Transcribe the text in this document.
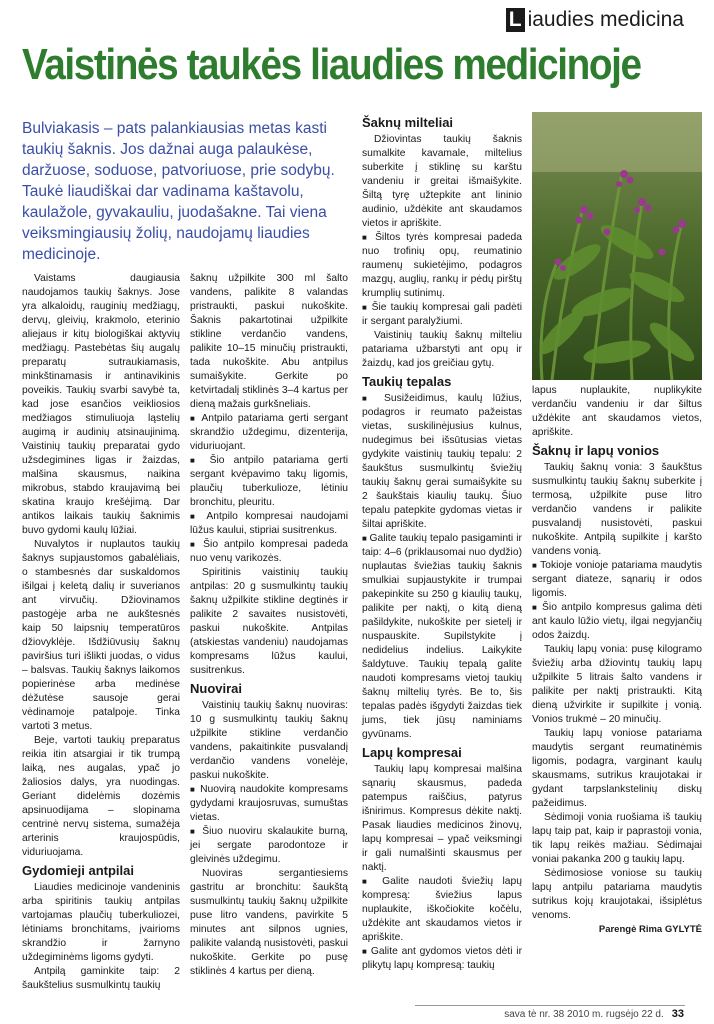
L iaudies medicina
Vaistinės taukės liaudies medicinoje

Bulviakasis – pats palankiausias metas kasti taukių šaknis. Jos dažnai auga palaukėse, daržuose, soduose, patvoriuose, prie sodybų. Taukė liaudiškai dar vadinama kaštavolu, kaulažole, gyvakauliu, juodašakne. Tai viena veiksmingiausių žolių, naudojamų liaudies medicinoje.

Vaistams daugiausia naudojamos taukių šaknys. Jose yra alkaloidų, rauginių medžiagų, dervų, gleivių, krakmolo, eterinio aliejaus ir kitų biologiškai aktyvių medžiagų. Pastebėtas šių augalų preparatų sutraukiamasis, minkštinamasis ir antinavikinis poveikis. Taukių svarbi savybė ta, kad jose esančios veikliosios medžiagos stimuliuoja ląstelių augimą ir audinių atsinaujinimą. Vaistinių taukių preparatai gydo užsdegimines ligas ir žaizdas, malšina skausmus, naikina mikrobus, stabdo kraujavimą bei skatina kraujo krešėjimą. Dar antikos laikais taukių šaknimis buvo gydomi kaulų lūžiai.

Nuvalytos ir nuplautos taukių šaknys supjaustomos gabalėliais, o stambesnės dar suskaldomos išilgai į keletą dalių ir suverianos ant virvučių. Džiovinamos pastogėje arba ne aukštesnės kaip 50 laipsnių temperatūros džiovyklėje. Išdžiūvusių šaknų paviršius turi išlikti juodas, o vidus – balsvas. Taukių šaknys laikomos popierinėse arba medinėse dėžutėse sausoje gerai vėdinamoje patalpoje. Tinka vartoti 3 metus.

Beje, vartoti taukių preparatus reikia itin atsargiai ir tik trumpą laiką, nes augalas, ypač jo žaliosios dalys, yra nuodingas. Geriant didelėmis dozėmis apsinuodijama – slopinama centrinė nervų sistema, sumažėja arterinis kraujospūdis, viduriuojama.

Gydomieji antpilai

Liaudies medicinoje vandeninis arba spiritinis taukių antpilas vartojamas plaučių tuberkuliozei, lėtiniams bronchitams, įvairioms skrandžio ir žarnyno uždegiminėms ligoms gydyti.

Antpilą gaminkite taip: 2 šaukštelius susmulkintų taukių

šaknų užpilkite 300 ml šalto vandens, palikite 8 valandas pristraukti, paskui nukoškite. Šaknis pakartotinai užpilkite stikline verdančio vandens, palikite 10–15 minučių pristraukti, tada nukoškite. Abu antpilus sumaišykite. Gerkite po ketvirtadalį stiklinės 3–4 kartus per dieną mažais gurkšneliais.

■ Antpilo patariama gerti sergant skrandžio uždegimu, dizenterija, viduriuojant.

■ Šio antpilo patariama gerti sergant kvėpavimo takų ligomis, plaučių tuberkulioze, lėtiniu bronchitu, pleuritu.

■ Antpilo kompresai naudojami lūžus kaului, stipriai susitrenkus.

■ Šio antpilo kompresai padeda nuo venų varikozės.

Spiritinis vaistinių taukių antpilas: 20 g susmulkintų taukių šaknų užpilkite stikline degtinės ir palikite 2 savaites nusistovėti, paskui nukoškite. Antpilas (atskiestas vandeniu) naudojamas kompresams lūžus kaului, susitrenkus.

Nuovirai

Vaistinių taukių šaknų nuoviras: 10 g susmulkintų taukių šaknų užpilkite stikline verdančio vandens, pakaitinkite pusvalandį verdančio vandens vonelėje, paskui nukoškite.

■ Nuovirą naudokite kompresams gydydami kraujosruvas, sumuštas vietas.

■ Šiuo nuoviru skalaukite burną, jei sergate parodontoze ir gleivinės uždegimu.

Nuoviras sergantiesiems gastritu ar bronchitu: šaukštą susmulkintų taukių šaknų užpilkite puse litro vandens, pavirkite 5 minutes ant silpnos ugnies, palikite valandą nusistovėti, paskui nukoškite. Gerkite po pusę stiklinės 4 kartus per dieną.

Šaknų milteliai

Džiovintas taukių šaknis sumalkite kavamale, miltelius suberkite į stiklinę su karštu vandeniu ir greitai išmaišykite. Šiltą tyrę užtepkite ant lininio audinio, uždėkite ant skaudamos vietos ir apriškite.

■ Šiltos tyrės kompresai padeda nuo trofinių opų, reumatinio raumenų sukietėjimo, podagros mazgų, auglių, rankų ir pėdų pirštų krumplių sutinimų.

■ Šie taukių kompresai gali padėti ir sergant paralyžiumi.

Vaistinių taukių šaknų milteliu patariama užbarstyti ant opų ir žaizdų, kad jos greičiau gytų.

Taukių tepalas

■ Susižeidimus, kaulų lūžius, podagros ir reumato pažeistas vietas, suskilinėjusius kulnus, nudegimus bei išsūtusias vietas gydykite vaistinių taukių tepalu: 2 šaukštus susmulkintų šviežių taukių šaknų gerai sumaišykite su 2 šaukštais kiaulių taukų. Šiuo tepalu patepkite gydomas vietas ir šiltai apriškite.

■ Galite taukių tepalo pasigaminti ir taip: 4–6 (priklausomai nuo dydžio) nuplautas šviežias taukių šaknis smulkiai supjaustykite ir trumpai pakepinkite su 250 g kiaulių taukų, palikite per naktį, o kitą dieną pašildykite, nukoškite per sietelį ir nuspauskite. Supilstykite į nedidelius indelius. Laikykite šaldytuve. Taukių tepalą galite naudoti kompresams vietoj taukių šaknų miltelių tyrės. Be to, šis tepalas padės išgydyti žaizdas tiek jums, tiek jūsų naminiams gyvūnams.

Lapų kompresai

Taukių lapų kompresai malšina sąnarių skausmus, padeda patempus raiščius, patyrus išnirimus. Kompresus dėkite naktį. Pasak liaudies medicinos žinovų, lapų kompresai – ypač veiksmingi ir gali numalšinti skausmus per naktį.

■ Galite naudoti šviežių lapų kompresą: šviežius lapus nuplaukite, iškočiokite kočėlu, uždėkite ant skaudamos vietos ir apriškite.

■ Galite ant gydomos vietos dėti ir plikytų lapų kompresą: taukių

lapus nuplaukite, nuplikykite verdančiu vandeniu ir dar šiltus uždėkite ant skaudamos vietos, apriškite.

Šaknų ir lapų vonios

Taukių šaknų vonia: 3 šaukštus susmulkintų taukių šaknų suberkite į termosą, užpilkite puse litro verdančio vandens ir palikite pusvalandį nusistovėti, paskui nukoškite. Antpilą supilkite į karšto vandens vonią.

■ Tokioje vonioje patariama maudytis sergant diateze, sąnarių ir odos ligomis.

■ Šio antpilo kompresus galima dėti ant kaulo lūžio vietų, ilgai negyjančių odos žaizdų.

Taukių lapų vonia: pusę kilogramo šviežių arba džiovintų taukių lapų užpilkite 5 litrais šalto vandens ir palikite per naktį pristraukti. Kitą dieną užvirkite ir supilkite į vonią. Vonios trukmė – 20 minučių.

Taukių lapų voniose patariama maudytis sergant reumatinėmis ligomis, podagra, varginant kaulų skausmams, sutrikus kraujotakai ir gydant tarpslankstelinių diskų pažeidimus.

Sėdimoji vonia ruošiama iš taukių lapų taip pat, kaip ir paprastoji vonia, tik lapų reikės mažiau. Sėdimajai voniai pakanka 200 g taukių lapų.

Sėdimosiose voniose su taukių lapų antpilu patariama maudytis sutrikus kojų kraujotakai, išsiplėtus venoms.

Parengė Rima GYLYTĖ

sava tė nr. 38 2010 m. rugsėjo 22 d. 33
